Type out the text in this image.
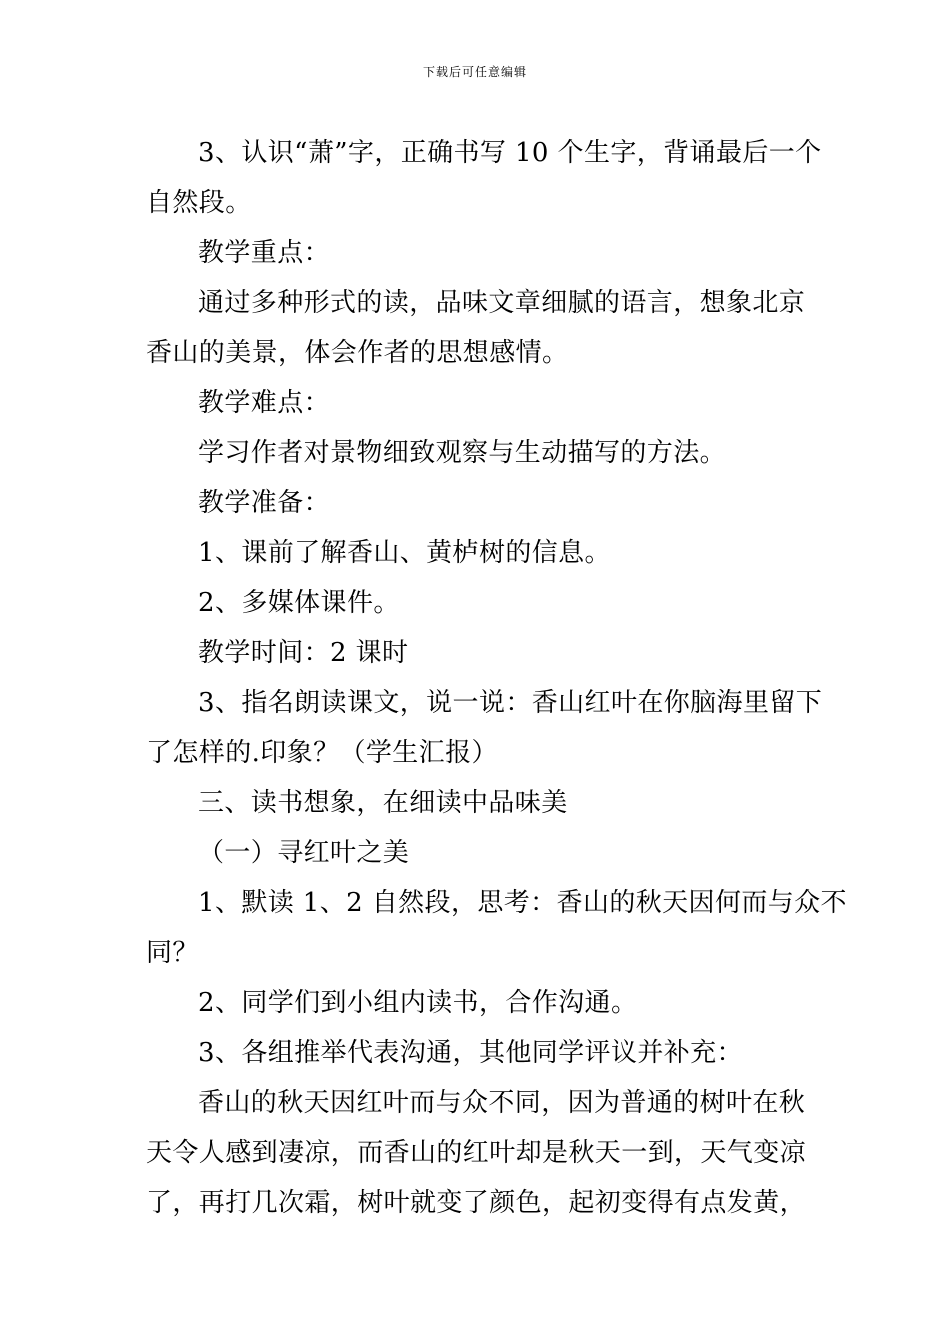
下载后可任意编辑
3、认识“萧”字，正确书写 10 个生字，背诵最后一个
自然段。
教学重点：
通过多种形式的读，品味文章细腻的语言，想象北京
香山的美景，体会作者的思想感情。
教学难点：
学习作者对景物细致观察与生动描写的方法。
教学准备：
1、课前了解香山、黄栌树的信息。
2、多媒体课件。
教学时间：2 课时
3、指名朗读课文，说一说：香山红叶在你脑海里留下
了怎样的.印象？（学生汇报）
三、读书想象，在细读中品味美
（一）寻红叶之美
1、默读 1、2 自然段，思考：香山的秋天因何而与众不
同？
2、同学们到小组内读书，合作沟通。
3、各组推举代表沟通，其他同学评议并补充：
香山的秋天因红叶而与众不同，因为普通的树叶在秋
天令人感到凄凉，而香山的红叶却是秋天一到，天气变凉
了，再打几次霜，树叶就变了颜色，起初变得有点发黄，
